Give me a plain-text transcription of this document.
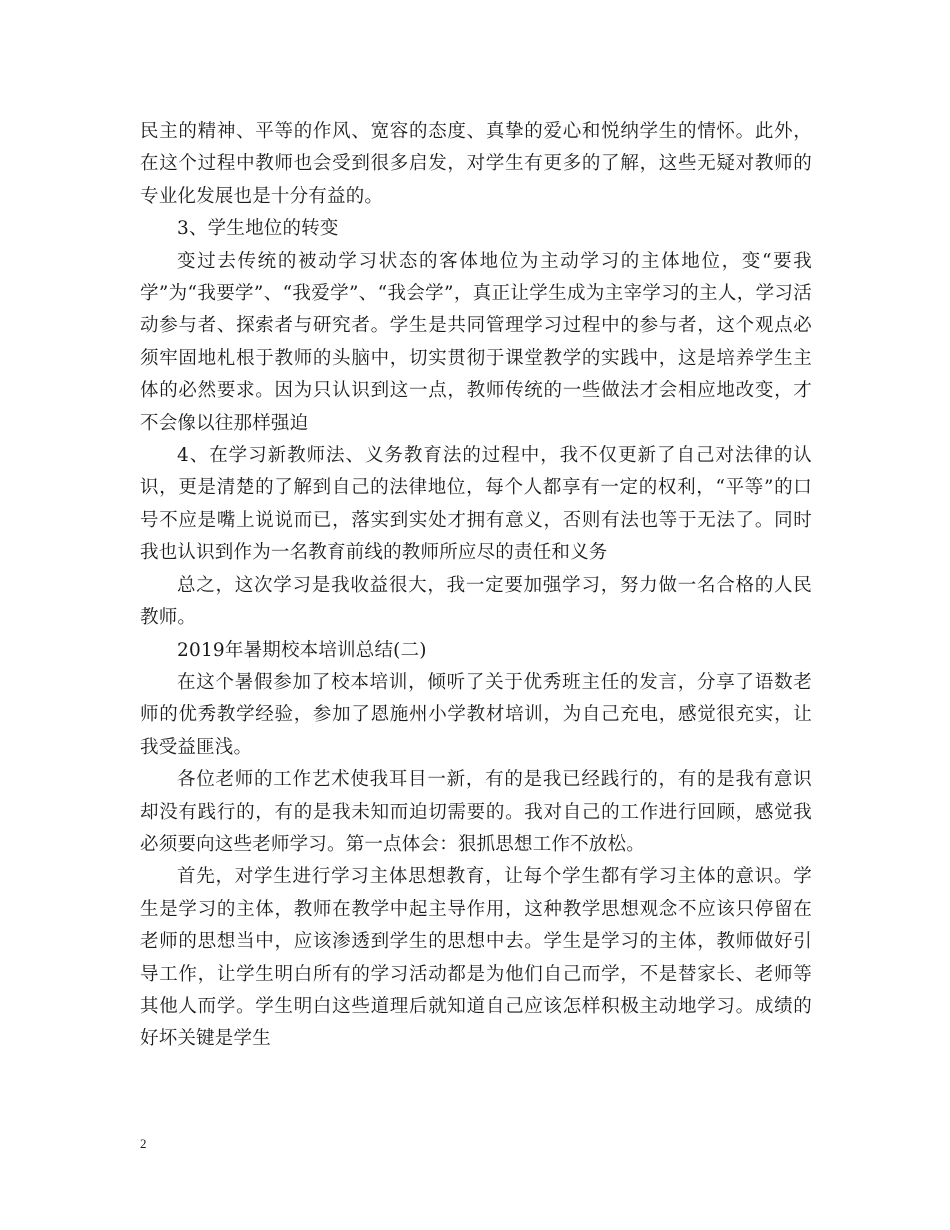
民主的精神、平等的作风、宽容的态度、真挚的爱心和悦纳学生的情怀。此外，在这个过程中教师也会受到很多启发，对学生有更多的了解，这些无疑对教师的专业化发展也是十分有益的。

3、学生地位的转变

变过去传统的被动学习状态的客体地位为主动学习的主体地位，变“要我学”为“我要学”、“我爱学”、“我会学”，真正让学生成为主宰学习的主人，学习活动参与者、探索者与研究者。学生是共同管理学习过程中的参与者，这个观点必须牢固地札根于教师的头脑中，切实贯彻于课堂教学的实践中，这是培养学生主体的必然要求。因为只认识到这一点，教师传统的一些做法才会相应地改变，才不会像以往那样强迫

4、在学习新教师法、义务教育法的过程中，我不仅更新了自己对法律的认识，更是清楚的了解到自己的法律地位，每个人都享有一定的权利，“平等”的口号不应是嘴上说说而已，落实到实处才拥有意义，否则有法也等于无法了。同时我也认识到作为一名教育前线的教师所应尽的责任和义务

总之，这次学习是我收益很大，我一定要加强学习，努力做一名合格的人民教师。

2019年暑期校本培训总结(二)

在这个暑假参加了校本培训，倾听了关于优秀班主任的发言，分享了语数老师的优秀教学经验，参加了恩施州小学教材培训，为自己充电，感觉很充实，让我受益匪浅。

各位老师的工作艺术使我耳目一新，有的是我已经践行的，有的是我有意识却没有践行的，有的是我未知而迫切需要的。我对自己的工作进行回顾，感觉我必须要向这些老师学习。第一点体会：狠抓思想工作不放松。

首先，对学生进行学习主体思想教育，让每个学生都有学习主体的意识。学生是学习的主体，教师在教学中起主导作用，这种教学思想观念不应该只停留在老师的思想当中，应该渗透到学生的思想中去。学生是学习的主体，教师做好引导工作，让学生明白所有的学习活动都是为他们自己而学，不是替家长、老师等其他人而学。学生明白这些道理后就知道自己应该怎样积极主动地学习。成绩的好坏关键是学生

2
